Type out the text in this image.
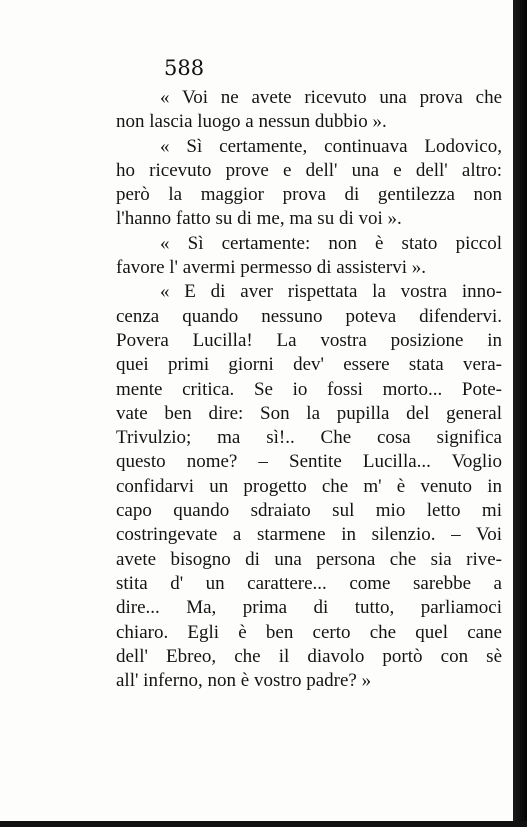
588

« Voi ne avete ricevuto una prova che
non lascia luogo a nessun dubbio ».

« Sì certamente, continuava Lodovico,
ho ricevuto prove e dell' una e dell' altro:
però la maggior prova di gentilezza non
l'hanno fatto su di me, ma su di voi ».

« Sì certamente: non è stato piccol
favore l' avermi permesso di assistervi ».

« E di aver rispettata la vostra inno-
cenza quando nessuno poteva difendervi.
Povera Lucilla! La vostra posizione in
quei primi giorni dev' essere stata vera-
mente critica. Se io fossi morto... Pote-
vate ben dire: Son la pupilla del general
Trivulzio; ma sì!.. Che cosa significa
questo nome? – Sentite Lucilla... Voglio
confidarvi un progetto che m' è venuto in
capo quando sdraiato sul mio letto mi
costringevate a starmene in silenzio. – Voi
avete bisogno di una persona che sia rive-
stita d' un carattere... come sarebbe a
dire... Ma, prima di tutto, parliamoci
chiaro. Egli è ben certo che quel cane
dell' Ebreo, che il diavolo portò con sè
all' inferno, non è vostro padre? »
